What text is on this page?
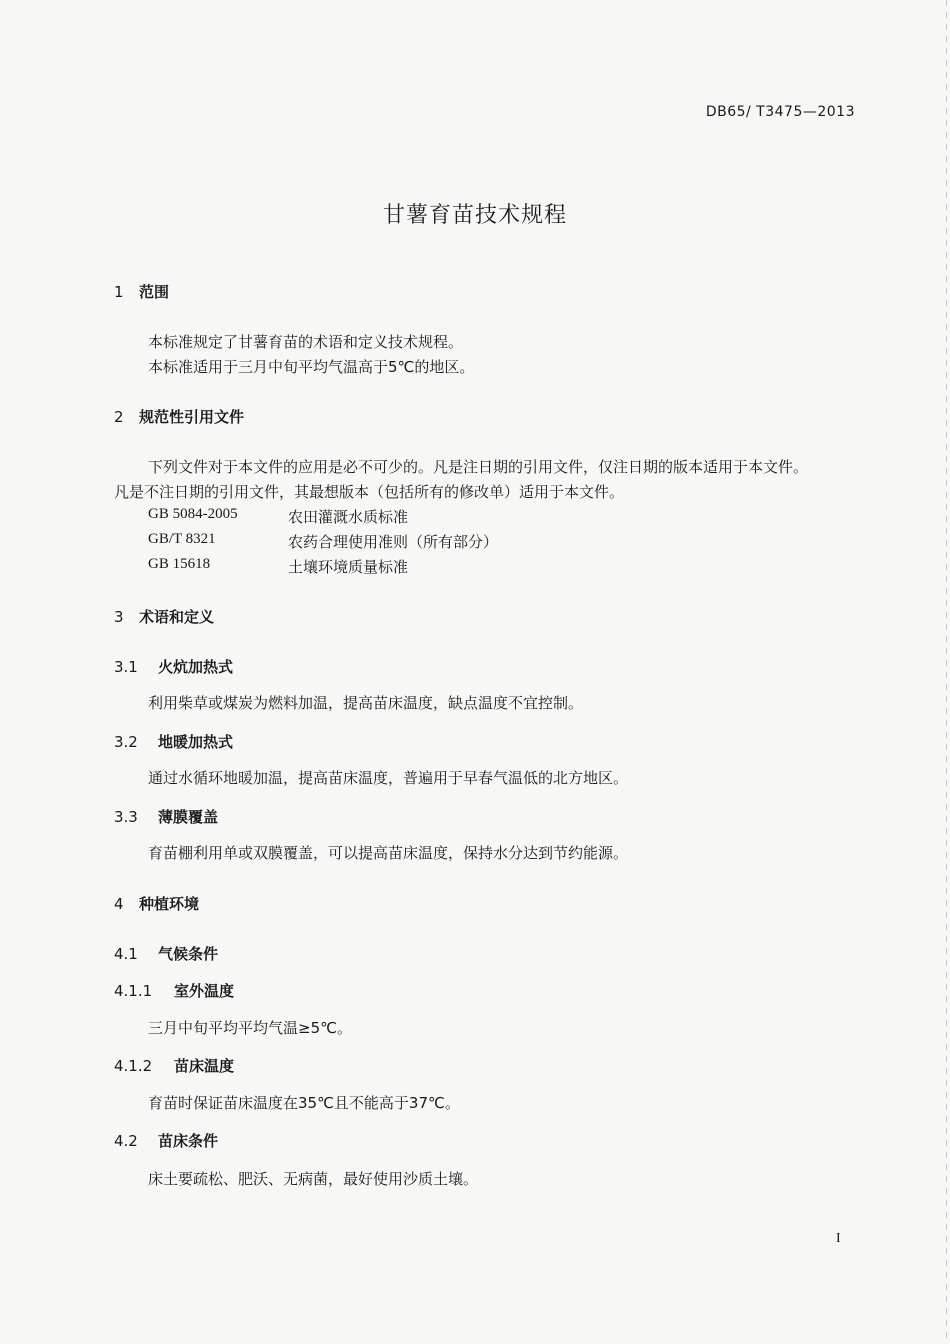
DB65/ T3475—2013
甘薯育苗技术规程
1 范围
本标准规定了甘薯育苗的术语和定义技术规程。
本标准适用于三月中旬平均气温高于5℃的地区。
2 规范性引用文件
下列文件对于本文件的应用是必不可少的。凡是注日期的引用文件，仅注日期的版本适用于本文件。
凡是不注日期的引用文件，其最想版本（包括所有的修改单）适用于本文件。
GB 5084-2005	农田灌溉水质标准
GB/T 8321	农药合理使用准则（所有部分）
GB 15618	土壤环境质量标准
3 术语和定义
3.1 火炕加热式
利用柴草或煤炭为燃料加温，提高苗床温度，缺点温度不宜控制。
3.2 地暖加热式
通过水循环地暖加温，提高苗床温度，普遍用于早春气温低的北方地区。
3.3 薄膜覆盖
育苗棚利用单或双膜覆盖，可以提高苗床温度，保持水分达到节约能源。
4 种植环境
4.1 气候条件
4.1.1 室外温度
三月中旬平均平均气温≥5℃。
4.1.2 苗床温度
育苗时保证苗床温度在35℃且不能高于37℃。
4.2 苗床条件
床土要疏松、肥沃、无病菌，最好使用沙质土壤。
I
